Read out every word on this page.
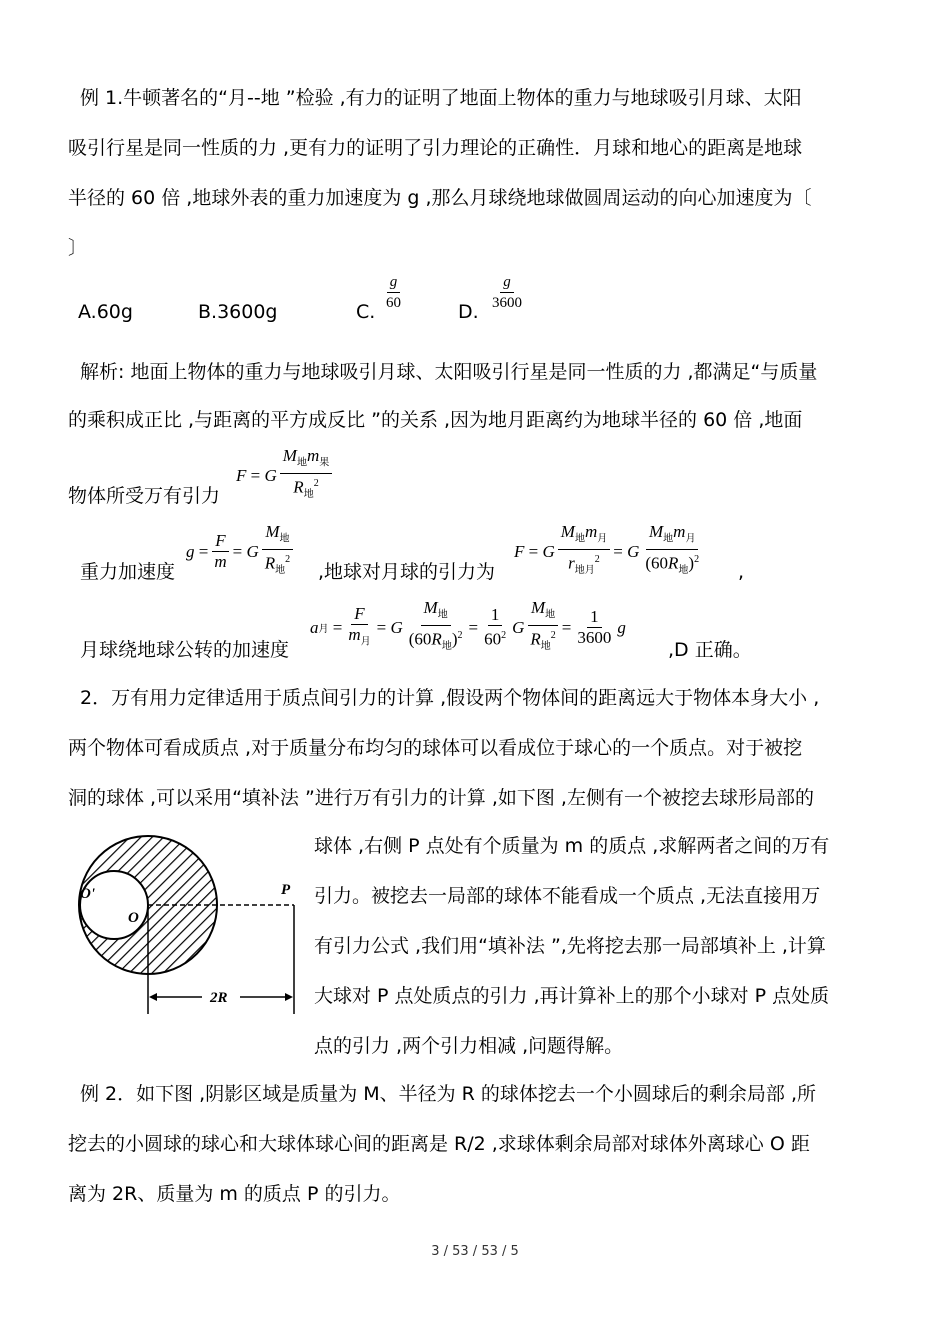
例 1.牛顿著名的“月--地 ”检验 ,有力的证明了地面上物体的重力与地球吸引月球、太阳
吸引行星是同一性质的力 ,更有力的证明了引力理论的正确性．月球和地心的距离是地球
半径的 60 倍 ,地球外表的重力加速度为 g ,那么月球绕地球做圆周运动的向心加速度为〔
〕
A.60g	B.3600g	C. $\frac{g}{60}$	D. $\frac{g}{3600}$
解析: 地面上物体的重力与地球吸引月球、太阳吸引行星是同一性质的力 ,都满足“与质量
的乘积成正比 ,与距离的平方成反比 ”的关系 ,因为地月距离约为地球半径的 60 倍 ,地面
F = G $\frac{M_地m_果}{R_地^2}$
物体所受万有引力
重力加速度
$g = \frac{F}{m} = G \frac{M_地}{R_地^2}$ ,地球对月球的引力为
F = G $\frac{M_地m_月}{r_{地月}^2} = G \frac{M_地m_月}{(60R_地)^2}$ ,
月球绕地球公转的加速度
a 月 = $\frac{F}{m_月} = G \frac{M_地}{(60R_地)^2} = \frac{1}{60^2}$ G $\frac{M_地}{R_地^2} = \frac{1}{3600}$ g
,D 正确。
2．万有用力定律适用于质点间引力的计算 ,假设两个物体间的距离远大于物体本身大小 ,
两个物体可看成质点 ,对于质量分布均匀的球体可以看成位于球心的一个质点。对于被挖
洞的球体 ,可以采用“填补法 ”进行万有引力的计算 ,如下图 ,左侧有一个被挖去球形局部的
球体 ,右侧 P 点处有个质量为 m 的质点 ,求解两者之间的万有
引力。被挖去一局部的球体不能看成一个质点 ,无法直接用万
有引力公式 ,我们用“填补法 ”,先将挖去那一局部填补上 ,计算
大球对 P 点处质点的引力 ,再计算补上的那个小球对 P 点处质
点的引力 ,两个引力相减 ,问题得解。
O'
O
P
2R
例 2．如下图 ,阴影区域是质量为 M、半径为 R 的球体挖去一个小圆球后的剩余局部 ,所
挖去的小圆球的球心和大球体球心间的距离是 R/2 ,求球体剩余局部对球体外离球心 O 距
离为 2R、质量为 m 的质点 P 的引力。
3 / 53 / 53 / 5
